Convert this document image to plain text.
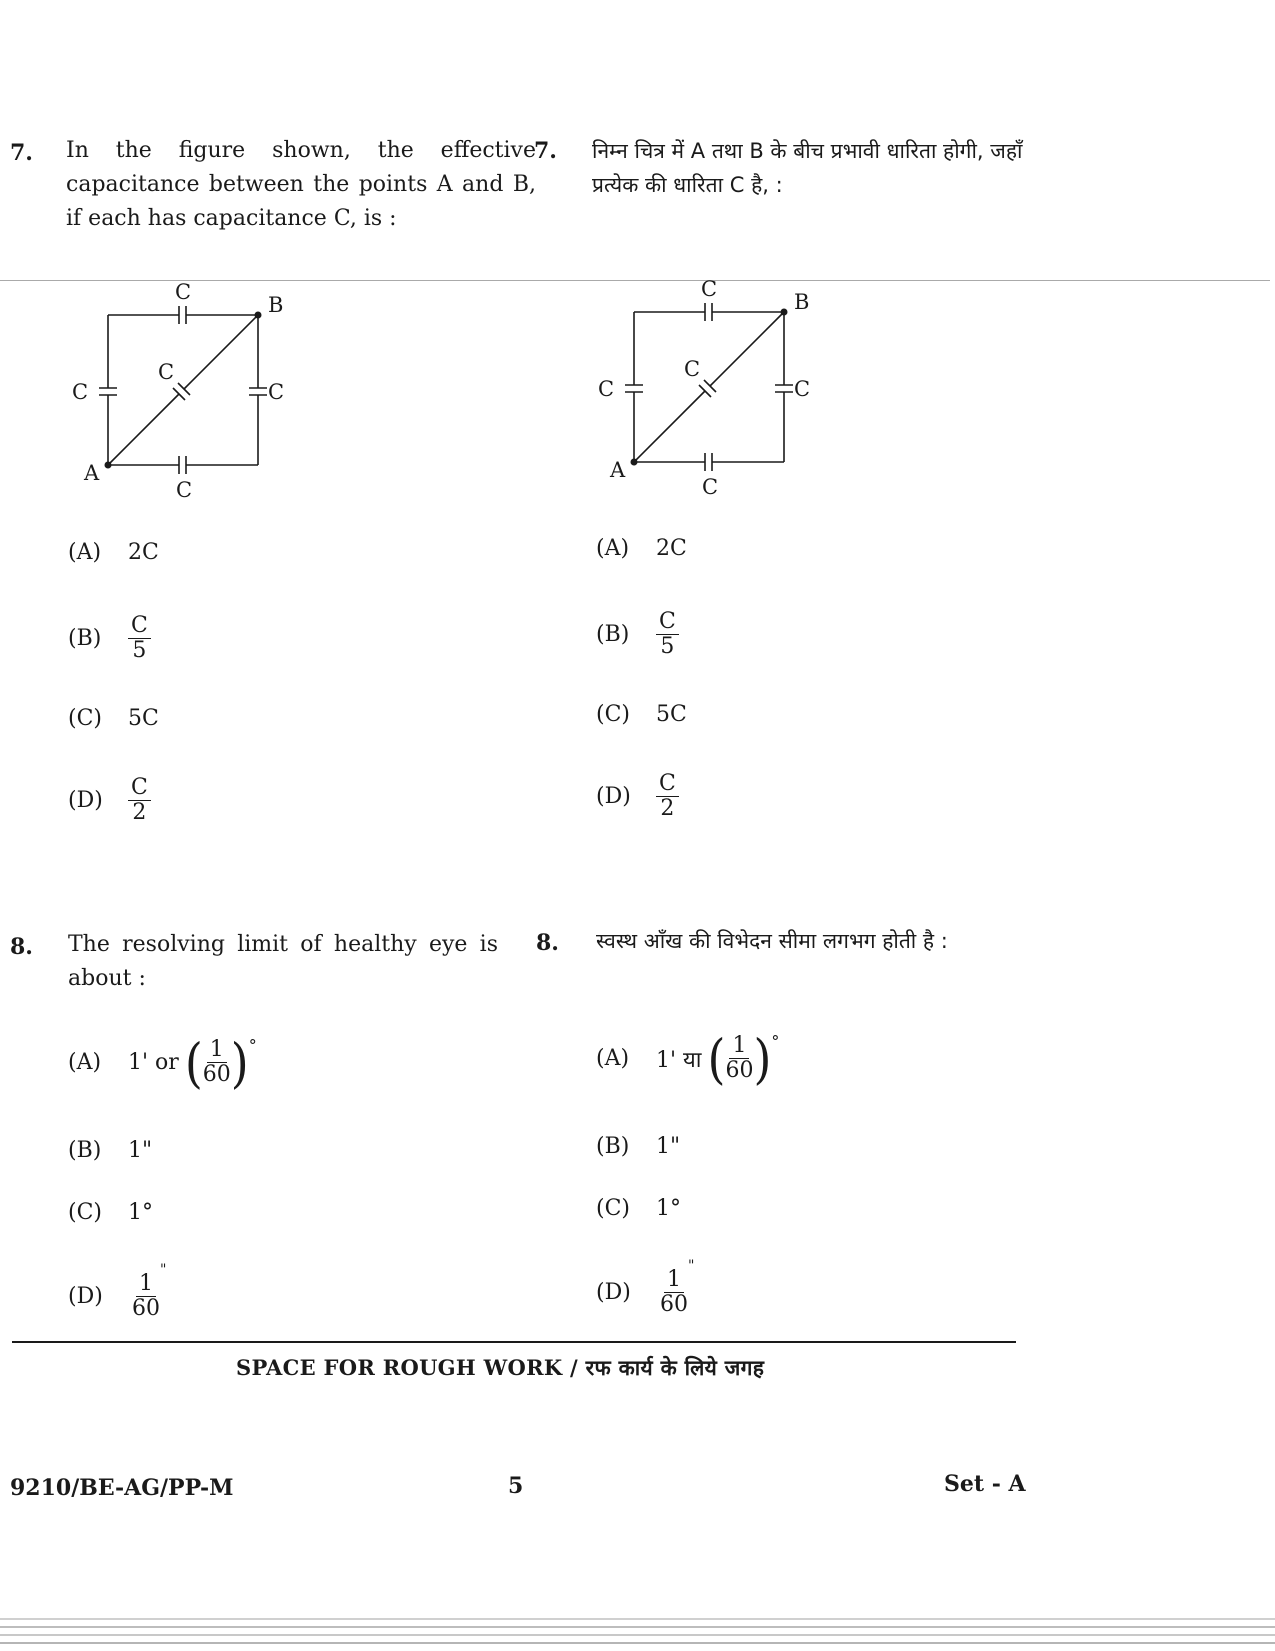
7. In the figure shown, the effective capacitance between the points A and B, if each has capacitance C, is :
7. निम्न चित्र में A तथा B के बीच प्रभावी धारिता होगी, जहाँ प्रत्येक की धारिता C है, :
C
B
C
C
C
A
C
C
B
C
C
C
A
C
(A)	2C
(B)	$\frac{C}{5}$
(C)	5C
(D)	$\frac{C}{2}$
(A)	2C
(B)	$\frac{C}{5}$
(C)	5C
(D)	$\frac{C}{2}$
8. The resolving limit of healthy eye is about :
8. स्वस्थ आँख की विभेदन सीमा लगभग होती है :
(A)	1' or ( $\frac{1}{60}$ ) °
(B)	1"
(C)	1°
(D)	$\frac{1}{60}$
"
(A)	1' या ( $\frac{1}{60}$ ) °
(B)	1"
(C)	1°
(D)	$\frac{1}{60}$
"
SPACE FOR ROUGH WORK / रफ कार्य के लिये जगह
9210/BE-AG/PP-M	5	Set - A
